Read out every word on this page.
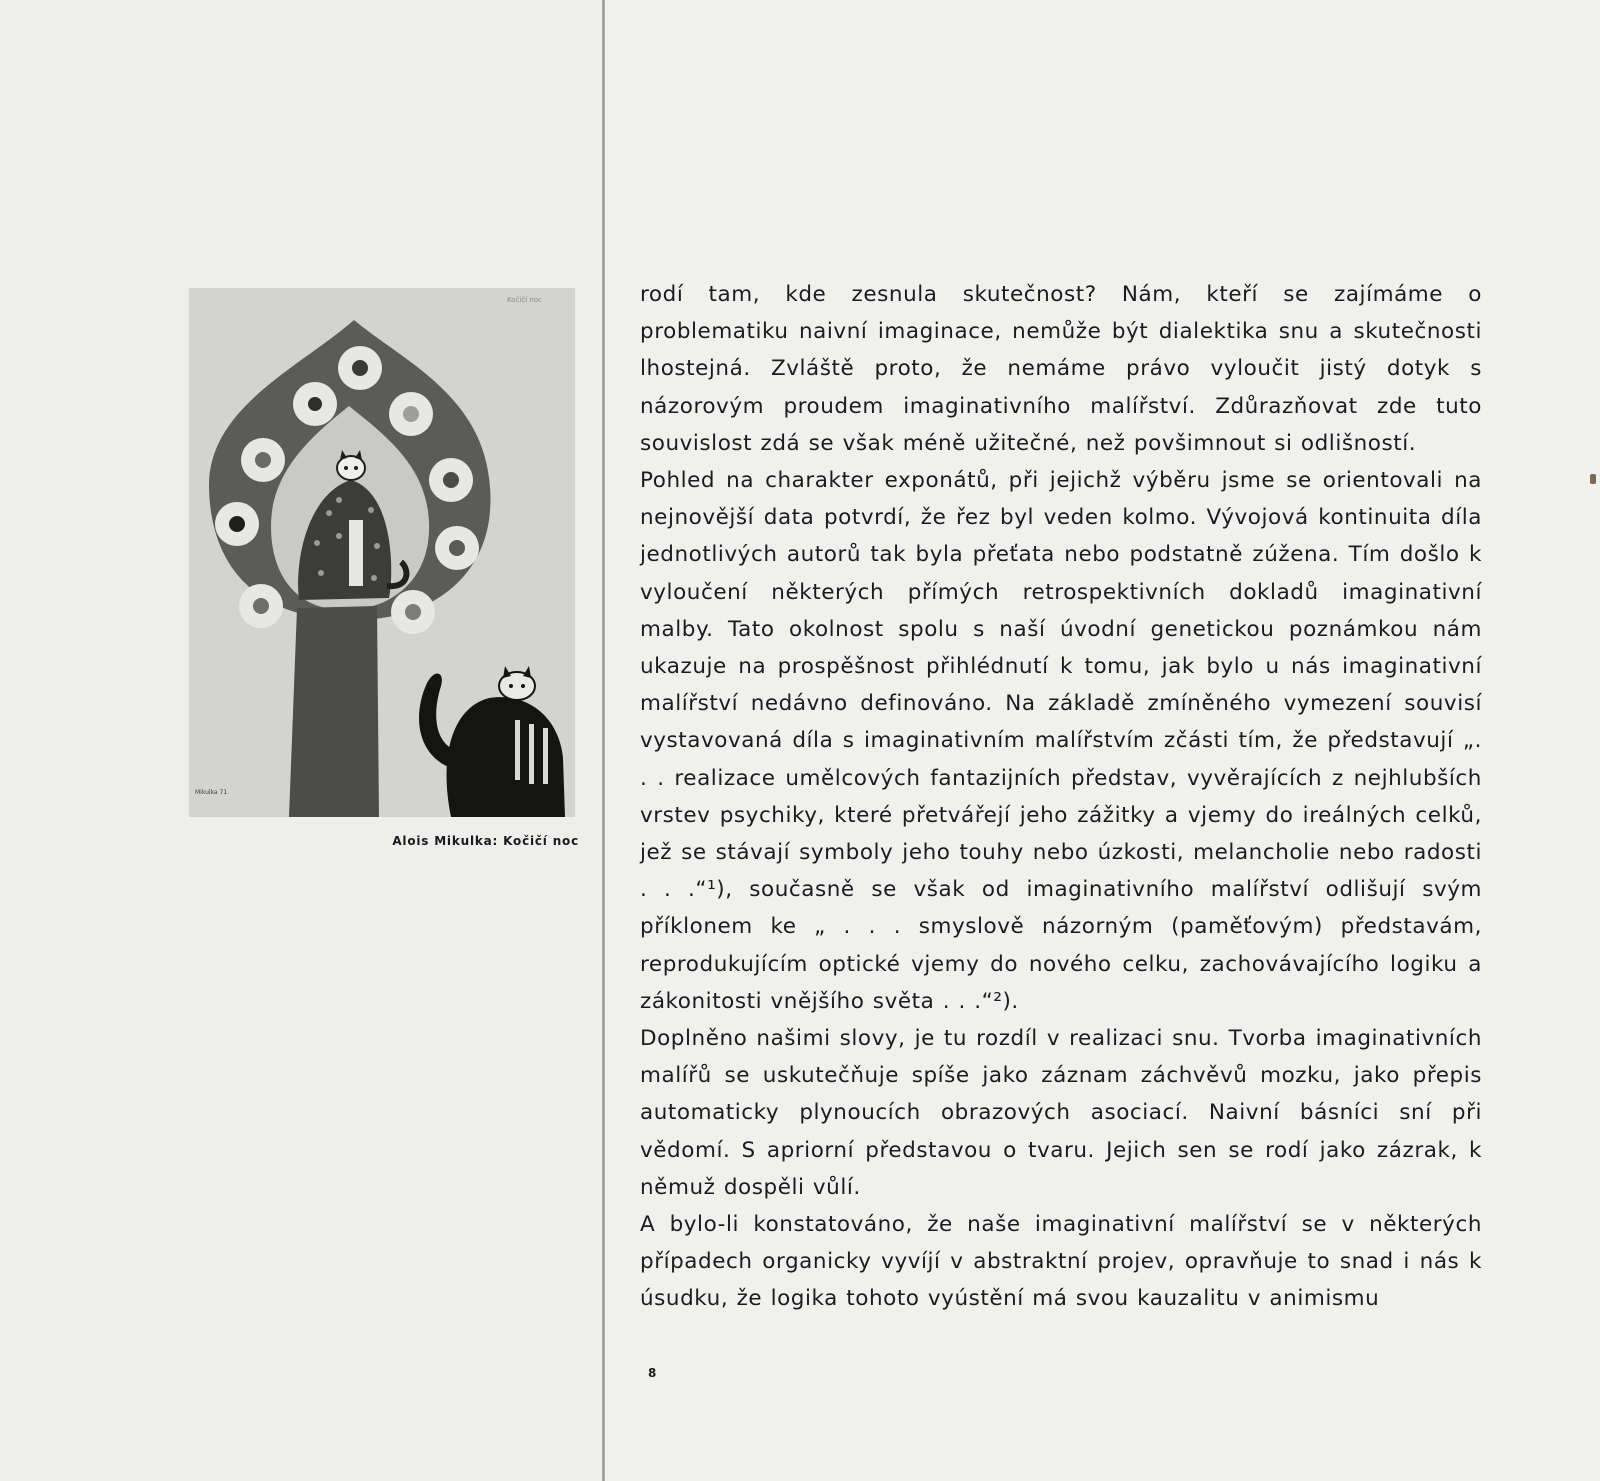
Kočičí noc
Mikulka 71
Alois Mikulka: Kočičí noc

rodí tam, kde zesnula skutečnost? Nám, kteří se zajímáme o problematiku naivní imaginace, nemůže být dialektika snu a skutečnosti lhostejná. Zvláště proto, že nemáme právo vyloučit jistý dotyk s názorovým proudem imaginativního malířství. Zdůrazňovat zde tuto souvislost zdá se však méně užitečné, než povšimnout si odlišností.

Pohled na charakter exponátů, při jejichž výběru jsme se orientovali na nejnovější data potvrdí, že řez byl veden kolmo. Vývojová kontinuita díla jednotlivých autorů tak byla přeťata nebo podstatně zúžena. Tím došlo k vyloučení některých přímých retrospektivních dokladů imaginativní malby. Tato okolnost spolu s naší úvodní genetickou poznámkou nám ukazuje na prospěšnost přihlédnutí k tomu, jak bylo u nás imaginativní malířství nedávno definováno. Na základě zmíněného vymezení souvisí vystavovaná díla s imaginativním malířstvím zčásti tím, že představují „. . . realizace umělcových fantazijních představ, vyvěrajících z nejhlubších vrstev psychiky, které přetvářejí jeho zážitky a vjemy do ireálných celků, jež se stávají symboly jeho touhy nebo úzkosti, melancholie nebo radosti . . .“¹), současně se však od imaginativního malířství odlišují svým příklonem ke „ . . . smyslově názorným (paměťovým) představám, reprodukujícím optické vjemy do nového celku, zachovávajícího logiku a zákonitosti vnějšího světa . . .“²).

Doplněno našimi slovy, je tu rozdíl v realizaci snu. Tvorba imaginativních malířů se uskutečňuje spíše jako záznam záchvěvů mozku, jako přepis automaticky plynoucích obrazových asociací. Naivní básníci sní při vědomí. S apriorní představou o tvaru. Jejich sen se rodí jako zázrak, k němuž dospěli vůlí.

A bylo-li konstatováno, že naše imaginativní malířství se v některých případech organicky vyvíjí v abstraktní projev, opravňuje to snad i nás k úsudku, že logika tohoto vyústění má svou kauzalitu v animismu

8
